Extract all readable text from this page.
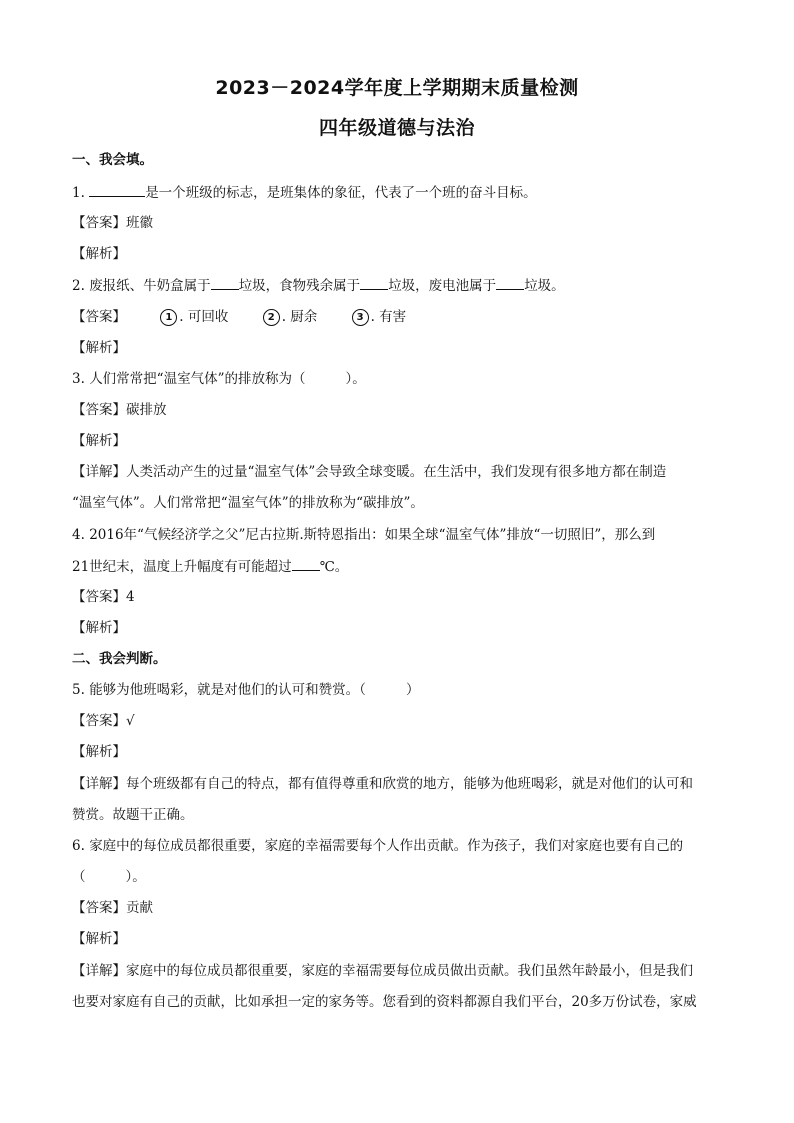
2023－2024学年度上学期期末质量检测
四年级道德与法治
一、我会填。
1.	是一个班级的标志，是班集体的象征，代表了一个班的奋斗目标。
【答案】班徽
【解析】
2. 废报纸、牛奶盒属于 垃圾，食物残余属于 垃圾，废电池属于 垃圾。
【答案】	1 . 可回收	2 . 厨余	3 . 有害
【解析】
3. 人们常常把“温室气体”的排放称为（	）。
【答案】碳排放
【解析】
【详解】人类活动产生的过量“温室气体”会导致全球变暖。在生活中，我们发现有很多地方都在制造
“温室气体”。人们常常把“温室气体”的排放称为“碳排放”。
4. 2016年“气候经济学之父”尼古拉斯.斯特恩指出：如果全球“温室气体”排放“一切照旧”，那么到
21世纪末，温度上升幅度有可能超过 ℃。
【答案】4
【解析】
二、我会判断。
5. 能够为他班喝彩，就是对他们的认可和赞赏。（	）
【答案】√
【解析】
【详解】每个班级都有自己的特点，都有值得尊重和欣赏的地方，能够为他班喝彩，就是对他们的认可和
赞赏。故题干正确。
6. 家庭中的每位成员都很重要，家庭的幸福需要每个人作出贡献。作为孩子，我们对家庭也要有自己的
（	）。
【答案】贡献
【解析】
【详解】家庭中的每位成员都很重要，家庭的幸福需要每位成员做出贡献。我们虽然年龄最小，但是我们
也要对家庭有自己的贡献，比如承担一定的家务等。您看到的资料都源自我们平台，20多万份试卷，家威
